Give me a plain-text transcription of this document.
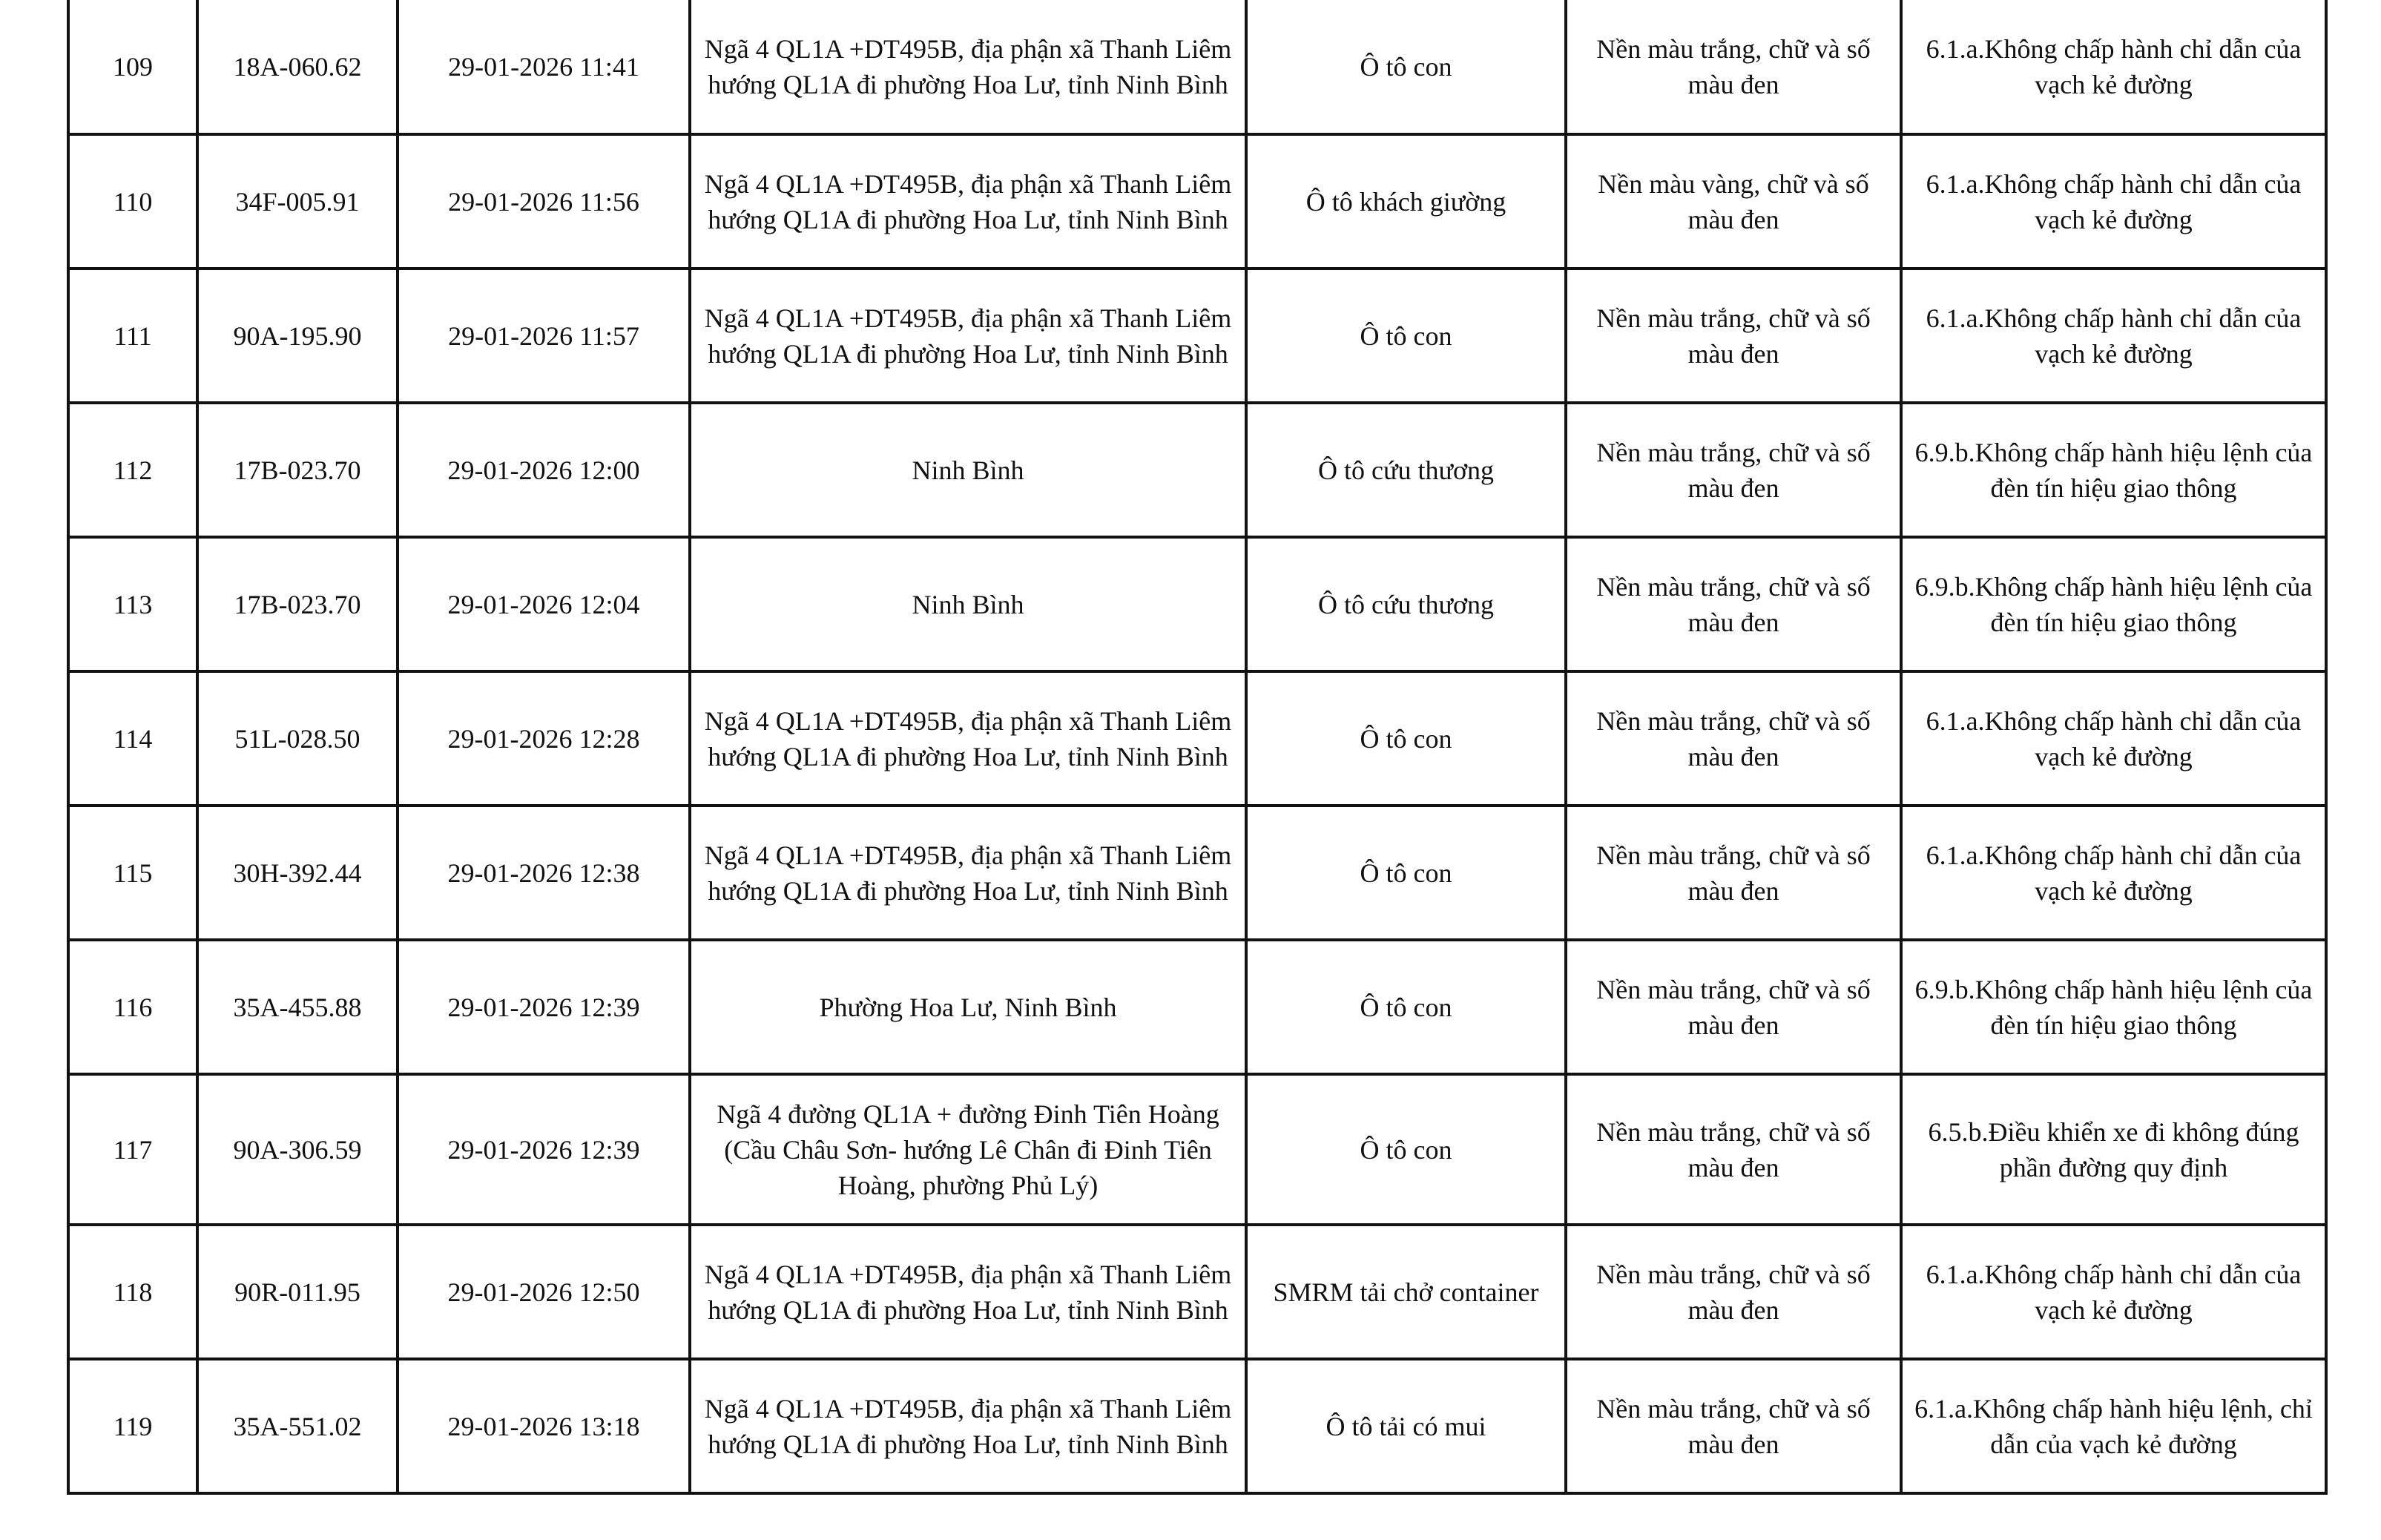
109	18A-060.62	29-01-2026 11:41	Ngã 4 QL1A +DT495B, địa phận xã Thanh Liêm hướng QL1A đi phường Hoa Lư, tỉnh Ninh Bình	Ô tô con	Nền màu trắng, chữ và số màu đen	6.1.a.Không chấp hành chỉ dẫn của vạch kẻ đường
110	34F-005.91	29-01-2026 11:56	Ngã 4 QL1A +DT495B, địa phận xã Thanh Liêm hướng QL1A đi phường Hoa Lư, tỉnh Ninh Bình	Ô tô khách giường	Nền màu vàng, chữ và số màu đen	6.1.a.Không chấp hành chỉ dẫn của vạch kẻ đường
111	90A-195.90	29-01-2026 11:57	Ngã 4 QL1A +DT495B, địa phận xã Thanh Liêm hướng QL1A đi phường Hoa Lư, tỉnh Ninh Bình	Ô tô con	Nền màu trắng, chữ và số màu đen	6.1.a.Không chấp hành chỉ dẫn của vạch kẻ đường
112	17B-023.70	29-01-2026 12:00	Ninh Bình	Ô tô cứu thương	Nền màu trắng, chữ và số màu đen	6.9.b.Không chấp hành hiệu lệnh của đèn tín hiệu giao thông
113	17B-023.70	29-01-2026 12:04	Ninh Bình	Ô tô cứu thương	Nền màu trắng, chữ và số màu đen	6.9.b.Không chấp hành hiệu lệnh của đèn tín hiệu giao thông
114	51L-028.50	29-01-2026 12:28	Ngã 4 QL1A +DT495B, địa phận xã Thanh Liêm hướng QL1A đi phường Hoa Lư, tỉnh Ninh Bình	Ô tô con	Nền màu trắng, chữ và số màu đen	6.1.a.Không chấp hành chỉ dẫn của vạch kẻ đường
115	30H-392.44	29-01-2026 12:38	Ngã 4 QL1A +DT495B, địa phận xã Thanh Liêm hướng QL1A đi phường Hoa Lư, tỉnh Ninh Bình	Ô tô con	Nền màu trắng, chữ và số màu đen	6.1.a.Không chấp hành chỉ dẫn của vạch kẻ đường
116	35A-455.88	29-01-2026 12:39	Phường Hoa Lư, Ninh Bình	Ô tô con	Nền màu trắng, chữ và số màu đen	6.9.b.Không chấp hành hiệu lệnh của đèn tín hiệu giao thông
117	90A-306.59	29-01-2026 12:39	Ngã 4 đường QL1A + đường Đinh Tiên Hoàng (Cầu Châu Sơn- hướng Lê Chân đi Đinh Tiên Hoàng, phường Phủ Lý)	Ô tô con	Nền màu trắng, chữ và số màu đen	6.5.b.Điều khiển xe đi không đúng phần đường quy định
118	90R-011.95	29-01-2026 12:50	Ngã 4 QL1A +DT495B, địa phận xã Thanh Liêm hướng QL1A đi phường Hoa Lư, tỉnh Ninh Bình	SMRM tải chở container	Nền màu trắng, chữ và số màu đen	6.1.a.Không chấp hành chỉ dẫn của vạch kẻ đường
119	35A-551.02	29-01-2026 13:18	Ngã 4 QL1A +DT495B, địa phận xã Thanh Liêm hướng QL1A đi phường Hoa Lư, tỉnh Ninh Bình	Ô tô tải có mui	Nền màu trắng, chữ và số màu đen	6.1.a.Không chấp hành hiệu lệnh, chỉ dẫn của vạch kẻ đường
